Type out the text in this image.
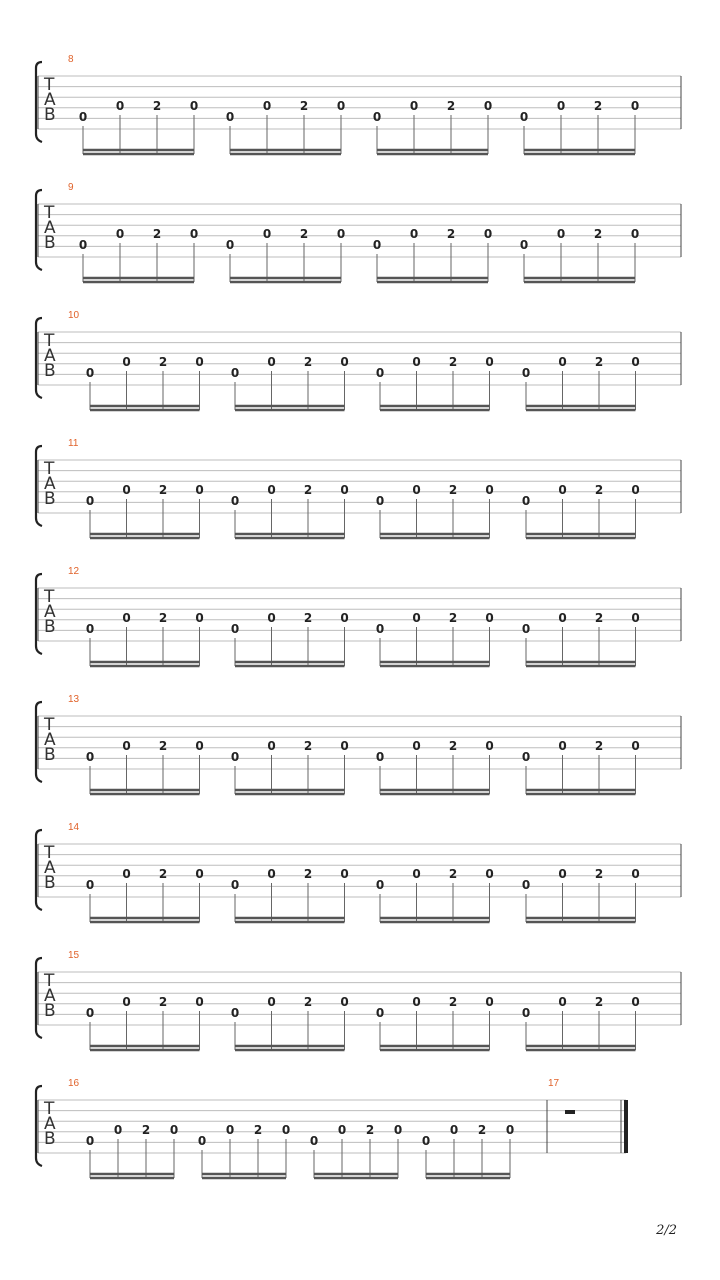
T
A
B
8
0
0 2 0
0
0 2 0
0
0 2 0
0
0 2 0
T
A
B
9
0
0 2 0
0
0 2 0
0
0 2 0
0
0 2 0
T
A
B
10
0
0 2 0
0
0 2 0
0
0 2 0
0
0 2 0
T
A
B
11
0
0 2 0
0
0 2 0
0
0 2 0
0
0 2 0
T
A
B
12
0
0 2 0
0
0 2 0
0
0 2 0
0
0 2 0
T
A
B
13
0
0 2 0
0
0 2 0
0
0 2 0
0
0 2 0
T
A
B
14
0
0 2 0
0
0 2 0
0
0 2 0
0
0 2 0
T
A
B
15
0
0 2 0
0
0 2 0
0
0 2 0
0
0 2 0
T
A
B
16
0
0 2 0
0
0 2 0
0
0 2 0
0
0 2 0
17
2/2
